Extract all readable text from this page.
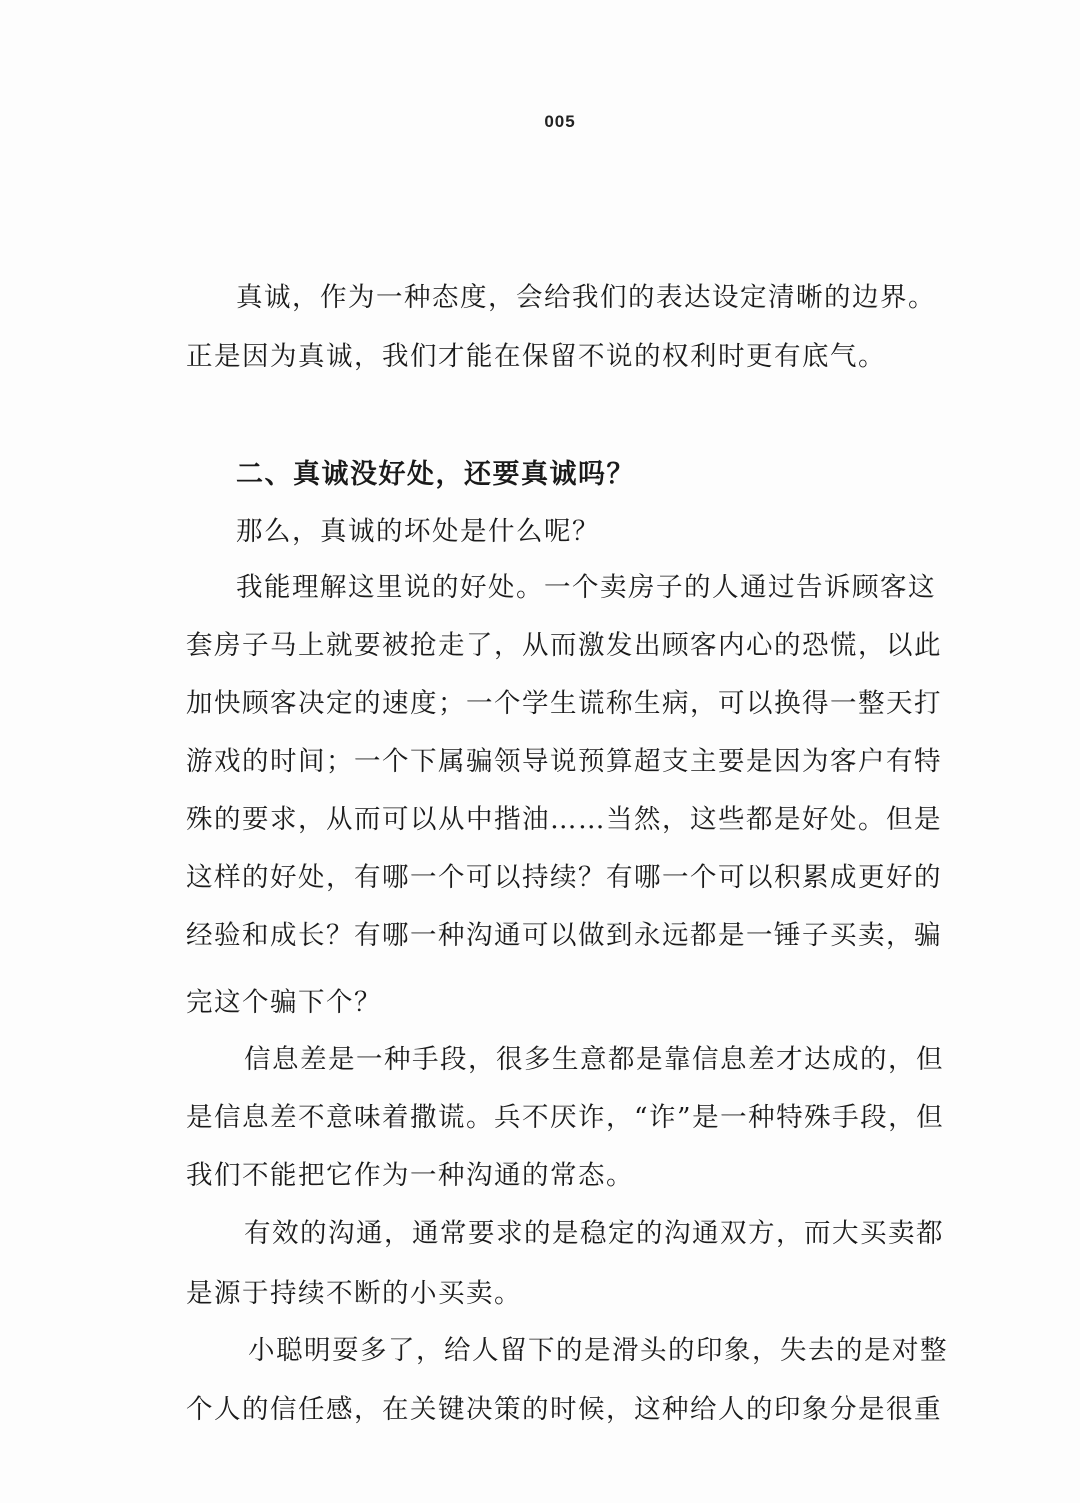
005
真诚，作为一种态度，会给我们的表达设定清晰的边界。
正是因为真诚，我们才能在保留不说的权利时更有底气。
二、真诚没好处，还要真诚吗？
那么，真诚的坏处是什么呢？
我能理解这里说的好处。一个卖房子的人通过告诉顾客这
套房子马上就要被抢走了，从而激发出顾客内心的恐慌，以此
加快顾客决定的速度；一个学生谎称生病，可以换得一整天打
游戏的时间；一个下属骗领导说预算超支主要是因为客户有特
殊的要求，从而可以从中揩油……当然，这些都是好处。但是
这样的好处，有哪一个可以持续？有哪一个可以积累成更好的
经验和成长？有哪一种沟通可以做到永远都是一锤子买卖，骗
完这个骗下个？
信息差是一种手段，很多生意都是靠信息差才达成的，但
是信息差不意味着撒谎。兵不厌诈，“诈”是一种特殊手段，但
我们不能把它作为一种沟通的常态。
有效的沟通，通常要求的是稳定的沟通双方，而大买卖都
是源于持续不断的小买卖。
小聪明耍多了，给人留下的是滑头的印象，失去的是对整
个人的信任感，在关键决策的时候，这种给人的印象分是很重
